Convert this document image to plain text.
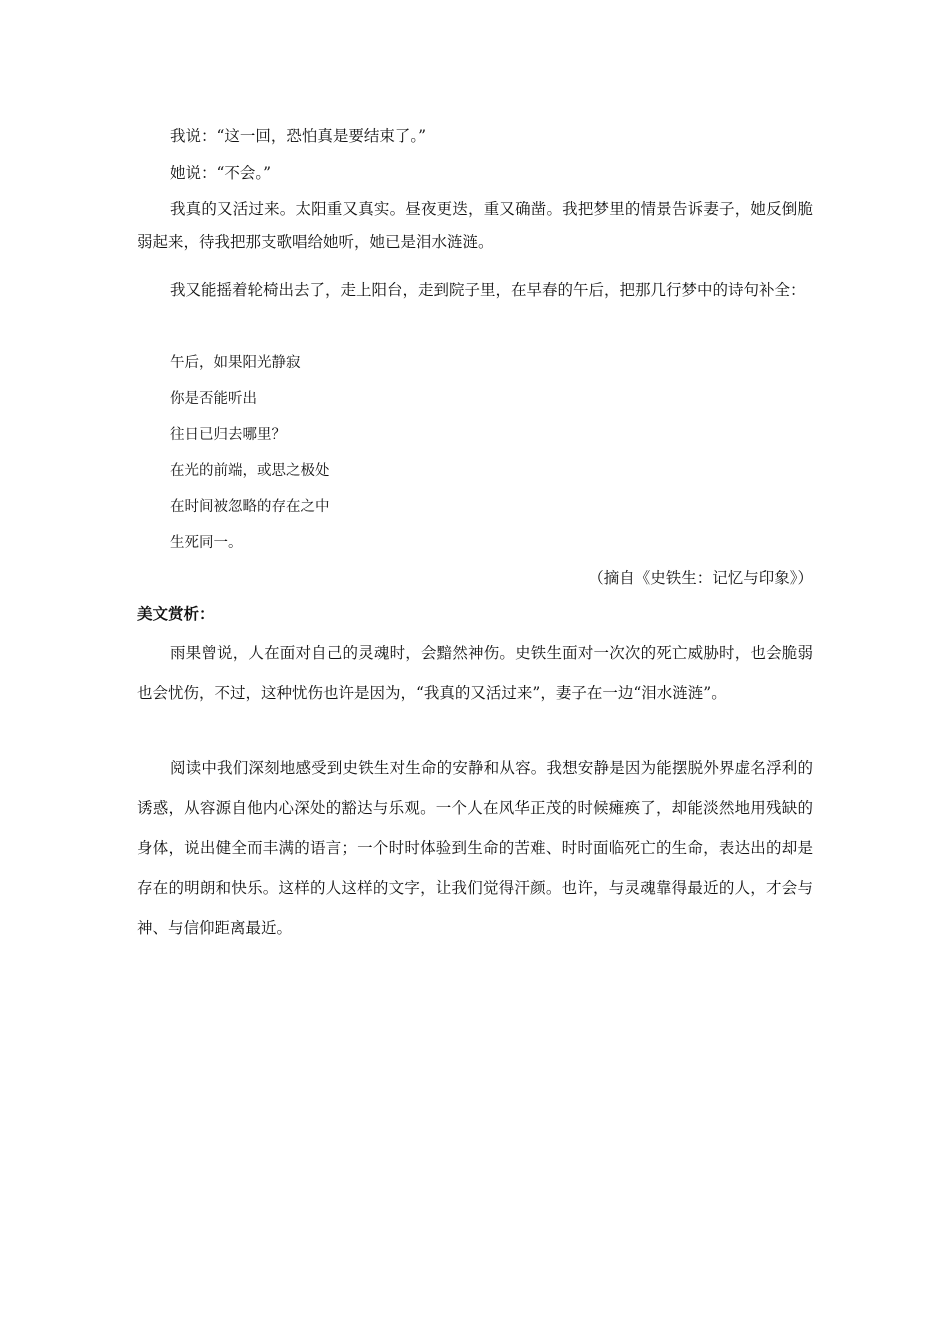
我说：“这一回，恐怕真是要结束了。”

她说：“不会。”

我真的又活过来。太阳重又真实。昼夜更迭，重又确凿。我把梦里的情景告诉妻子，她反倒脆弱起来，待我把那支歌唱给她听，她已是泪水涟涟。

我又能摇着轮椅出去了，走上阳台，走到院子里，在早春的午后，把那几行梦中的诗句补全：

午后，如果阳光静寂

你是否能听出

往日已归去哪里？

在光的前端，或思之极处

在时间被忽略的存在之中

生死同一。

（摘自《史铁生：记忆与印象》）
美文赏析：

雨果曾说，人在面对自己的灵魂时，会黯然神伤。史铁生面对一次次的死亡威胁时，也会脆弱也会忧伤，不过，这种忧伤也许是因为，“我真的又活过来”，妻子在一边“泪水涟涟”。

阅读中我们深刻地感受到史铁生对生命的安静和从容。我想安静是因为能摆脱外界虚名浮利的诱惑，从容源自他内心深处的豁达与乐观。一个人在风华正茂的时候瘫痪了，却能淡然地用残缺的身体，说出健全而丰满的语言；一个时时体验到生命的苦难、时时面临死亡的生命，表达出的却是存在的明朗和快乐。这样的人这样的文字，让我们觉得汗颜。也许，与灵魂靠得最近的人，才会与神、与信仰距离最近。
